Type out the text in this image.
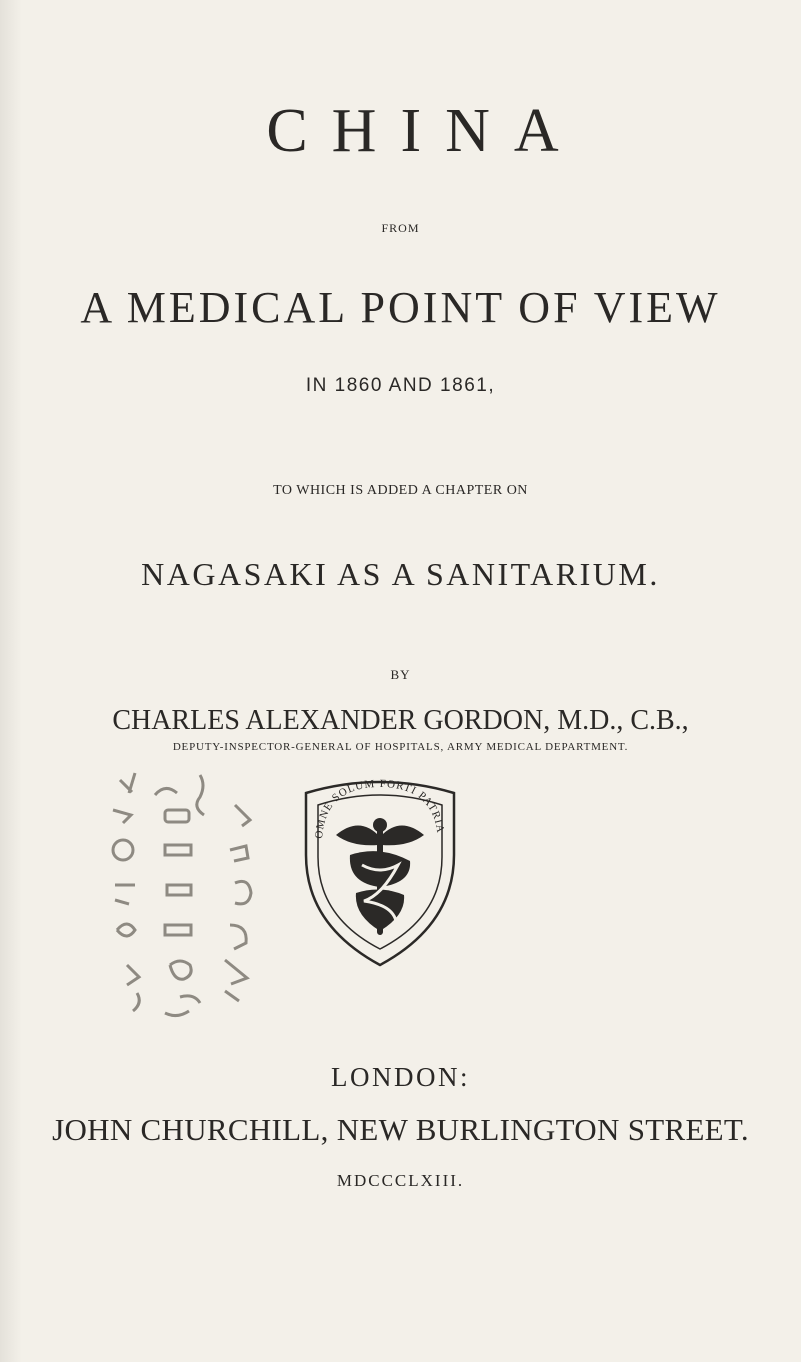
CHINA
FROM
A MEDICAL POINT OF VIEW
IN 1860 AND 1861,
TO WHICH IS ADDED A CHAPTER ON
NAGASAKI AS A SANITARIUM.
BY
CHARLES ALEXANDER GORDON, M.D., C.B.,
DEPUTY-INSPECTOR-GENERAL OF HOSPITALS, ARMY MEDICAL DEPARTMENT.
OMNE SOLUM FORTI PATRIA
LONDON:
JOHN CHURCHILL, NEW BURLINGTON STREET.
MDCCCLXIII.
